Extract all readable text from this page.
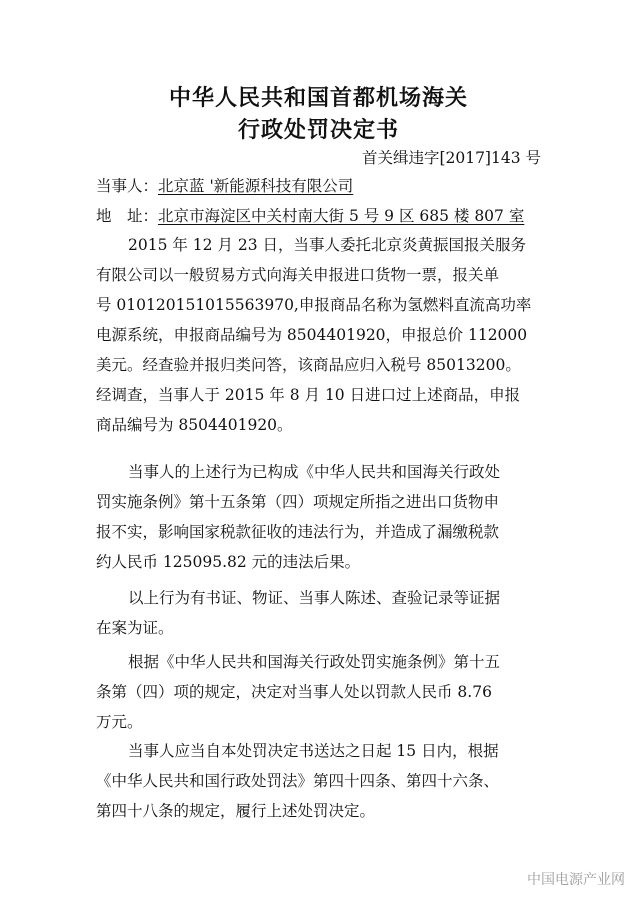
中华人民共和国首都机场海关
行政处罚决定书

首关缉违字[2017]143 号

当事人：北京蓝 '新能源科技有限公司

地　址：北京市海淀区中关村南大街 5 号 9 区 685 楼 807 室

2015 年 12 月 23 日，当事人委托北京炎黄振国报关服务
有限公司以一般贸易方式向海关申报进口货物一票，报关单
号 010120151015563970,申报商品名称为氢燃料直流高功率
电源系统，申报商品编号为 8504401920，申报总价 112000
美元。经查验并报归类问答，该商品应归入税号 85013200。
经调查，当事人于 2015 年 8 月 10 日进口过上述商品，申报
商品编号为 8504401920。
当事人的上述行为已构成《中华人民共和国海关行政处
罚实施条例》第十五条第（四）项规定所指之进出口货物申
报不实，影响国家税款征收的违法行为，并造成了漏缴税款
约人民币 125095.82 元的违法后果。
以上行为有书证、物证、当事人陈述、查验记录等证据
在案为证。
根据《中华人民共和国海关行政处罚实施条例》第十五
条第（四）项的规定，决定对当事人处以罚款人民币 8.76
万元。
当事人应当自本处罚决定书送达之日起 15 日内，根据
《中华人民共和国行政处罚法》第四十四条、第四十六条、
第四十八条的规定，履行上述处罚决定。

中国电源产业网
